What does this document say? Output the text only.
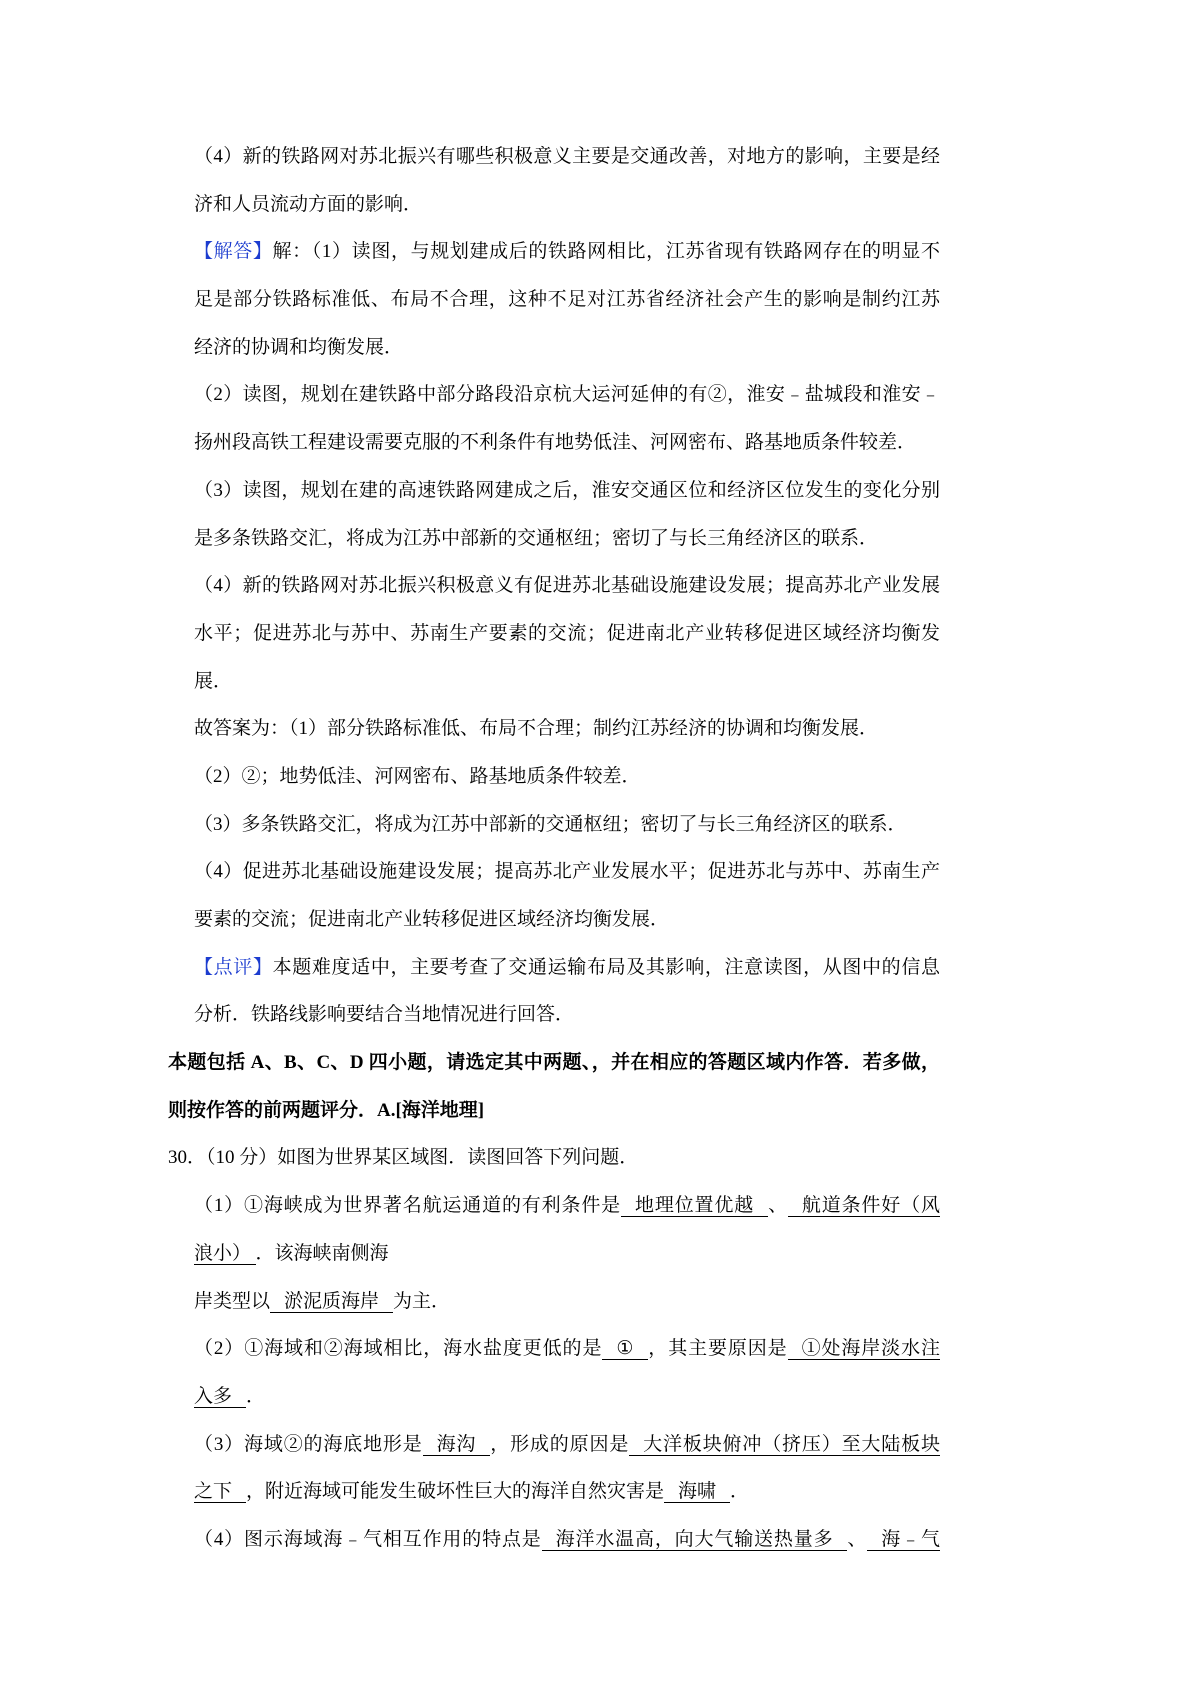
（4）新的铁路网对苏北振兴有哪些积极意义主要是交通改善，对地方的影响，主要是经
济和人员流动方面的影响．
【解答】解：（1）读图，与规划建成后的铁路网相比，江苏省现有铁路网存在的明显不
足是部分铁路标准低、布局不合理，这种不足对江苏省经济社会产生的影响是制约江苏
经济的协调和均衡发展．
（2）读图，规划在建铁路中部分路段沿京杭大运河延伸的有②，淮安﹣盐城段和淮安﹣
扬州段高铁工程建设需要克服的不利条件有地势低洼、河网密布、路基地质条件较差．
（3）读图，规划在建的高速铁路网建成之后，淮安交通区位和经济区位发生的变化分别
是多条铁路交汇，将成为江苏中部新的交通枢纽；密切了与长三角经济区的联系．
（4）新的铁路网对苏北振兴积极意义有促进苏北基础设施建设发展；提高苏北产业发展
水平；促进苏北与苏中、苏南生产要素的交流；促进南北产业转移促进区域经济均衡发
展．
故答案为：（1）部分铁路标准低、布局不合理；制约江苏经济的协调和均衡发展．
（2）②；地势低洼、河网密布、路基地质条件较差．
（3）多条铁路交汇，将成为江苏中部新的交通枢纽；密切了与长三角经济区的联系．
（4）促进苏北基础设施建设发展；提高苏北产业发展水平；促进苏北与苏中、苏南生产
要素的交流；促进南北产业转移促进区域经济均衡发展．
【点评】本题难度适中，主要考查了交通运输布局及其影响，注意读图，从图中的信息
分析．铁路线影响要结合当地情况进行回答．
本题包括 A、B、C、D 四小题，请选定其中两题、，并在相应的答题区域内作答．若多做，
则按作答的前两题评分．A.[海洋地理]
30．（10 分）如图为世界某区域图．读图回答下列问题．
（1）①海峡成为世界著名航运通道的有利条件是 地理位置优越 、 航道条件好（风
浪小） ．该海峡南侧海
岸类型以 淤泥质海岸 为主．
（2）①海域和②海域相比，海水盐度更低的是 ① ，其主要原因是 ①处海岸淡水注
入多 ．
（3）海域②的海底地形是 海沟 ，形成的原因是 大洋板块俯冲（挤压）至大陆板块
之下 ，附近海域可能发生破坏性巨大的海洋自然灾害是 海啸 ．
（4）图示海域海﹣气相互作用的特点是 海洋水温高，向大气输送热量多 、 海﹣气
